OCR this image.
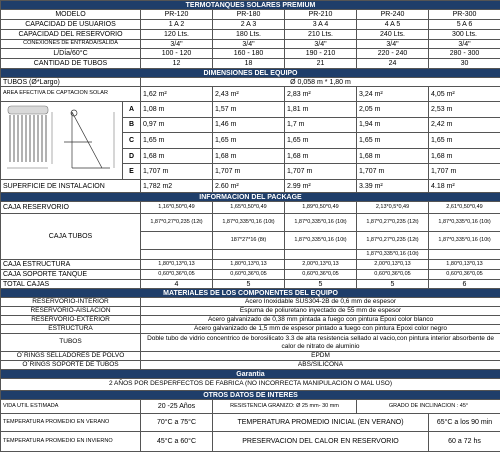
TERMOTANQUES SOLARES PREMIUM						
MODELO		PR-120	PR-180	PR-210	PR-240	PR-300
CAPACIDAD DE USUARIOS		1 A 2	2 A 3	3 A 4	4 A 5	5 A 6
CAPACIDAD DEL RESERVORIO		120 Lts.	180 Lts.	210 Lts.	240 Lts.	300 Lts.
CONEXIONES DE ENTRADA/SALIDA		3/4"	3/4"	3/4"	3/4"	3/4"
L/Día/60°C		100 - 120	160 - 180	190 - 210	220 - 240	280 - 300
CANTIDAD DE TUBOS		12	18	21	24	30
DIMENSIONES DEL EQUIPO						
TUBOS (Ø*Largo)		Ø 0,058 m * 1,80 m				
AREA EFECTIVA DE CAPTACION SOLAR		1,62 m²	2,43 m²	2,83 m²	3,24 m²	4,05 m²
	A	1,08 m	1,57 m	1,81 m	2,05 m	2,53 m
	B	0,97 m	1,46 m	1,7 m	1,94 m	2,42 m
	C	1,65 m	1,65 m	1,65 m	1,65 m	1,65 m
	D	1,68 m	1,68 m	1,68 m	1,68 m	1,68 m
	E	1,707 m	1,707 m	1,707 m	1,707 m	1,707 m
SUPERFICIE DE INSTALACION		1,782 m2	2.60 m²	2.99 m²	3.39 m²	4.18 m²
INFORMACION DEL PACKAGE						
CAJA RESERVORIO		1,16*0,50*0,49	1,65*0,50*0,49	1,89*0,50*0,49	2,13*0,5*0,49	2,61*0,50*0,49
CAJA TUBOS		1,87*0,27*0,235 (12t)	1,87*0,335*0,16 (10t)	1,87*0,335*0,16 (10t)	1,87*0,27*0,235 (12t)	1,87*0,335*0,16 (10t)
			187*27*16 (8t)	1,87*0,335*0,16 (10t)	1,87*0,27*0,235 (12t)	1,87*0,335*0,16 (10t)
					1,87*0,335*0,16 (10t)	
CAJA ESTRUCTURA		1,80*0,13*0,13	1,80*0,13*0,13	2,00*0,13*0,13	2,00*0,13*0,13	1,80*0,13*0,13
CAJA SOPORTE TANQUE		0,60*0,36*0,05	0,60*0,36*0,05	0,60*0,36*0,05	0,60*0,36*0,05	0,60*0,36*0,05
TOTAL CAJAS		4	5	5	5	6
MATERIALES DE LOS COMPONENTES DEL EQUIPO						
RESERVORIO-INTERIOR		Acero Inoxidable SUS304-2B de 0,6 mm de espesor				
RESERVORIO-AISLACION		Espuma de poliuretano inyectado de 55 mm de espesor				
RESERVORIO-EXTERIOR		Acero galvanizado de 0,38 mm pintada a fuego con pintura Epoxi color blanco				
ESTRUCTURA		Acero galvanizado de 1,5 mm de espesor pintado a fuego con pintura Epoxi color negro				
TUBOS		Doble tubo de vidrio concentrico de borosilicato 3.3 de alta resistencia sellado al vacio,con pintura interior absorbente de calor de nitrato de aluminio				
O´RINGS SELLADORES DE POLVO		EPDM				
O´RINGS SOPORTE DE TUBOS		ABS/SILICONA				
Garantia						
2 AÑOS POR DESPERFECTOS DE FABRICA (NO INCORRECTA MANIPULACION O MAL USO)						
OTROS DATOS DE INTERES						
VIDA UTIL ESTIMADA		20 -25 Años	RESISTENCIA GRANIZO: Ø 25 mm- 30 mm		GRADO DE INCLINACION : 45°	
TEMPERATURA PROMEDIO EN VERANO		70°C a 75°C	TEMPERATURA PROMEDIO INICIAL (EN VERANO)			65°C a los 90 min
TEMPERATURA PROMEDIO EN INVIERNO		45°C a 60°C	PRESERVACION DEL CALOR EN RESERVORIO			60 a 72 hs
